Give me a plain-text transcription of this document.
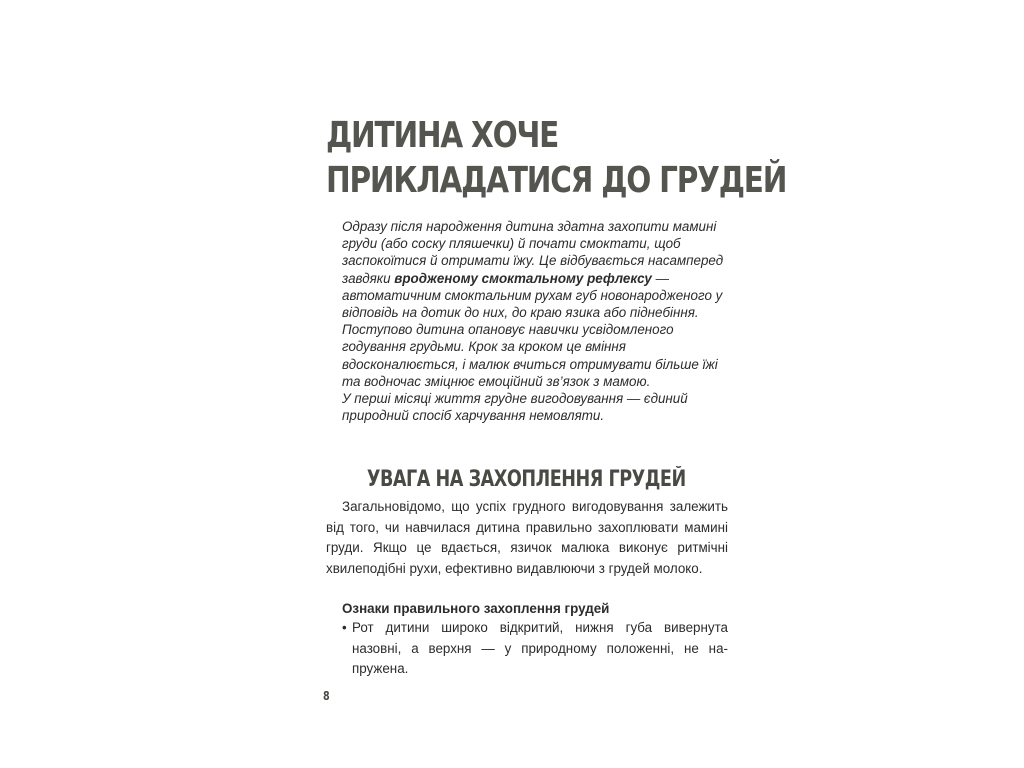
ДИТИНА ХОЧЕ
ПРИКЛАДАТИСЯ ДО ГРУДЕЙ

Одразу після народження дитина здатна захопити маминi груди (або соску пляшечки) й почати смоктати, щоб заспокоїтися й отримати їжу. Це відбувається насамперед завдяки вродженому смоктальному рефлексу — автоматичним смоктальним рухам губ новонародженого у відповідь на дотик до них, до краю язика або піднебіння.

Поступово дитина опановує навички усвідомленого годування грудьми. Крок за кроком це вміння вдосконалюється, і малюк вчиться отримувати більше їжі та водночас зміцнює емоційний зв’язок з мамою.

У перші місяці життя грудне вигодовування — єдиний природний спосіб харчування немовляти.

УВАГА НА ЗАХОПЛЕННЯ ГРУДЕЙ

Загальновідомо, що успіх грудного вигодовування залежить від того, чи навчилася дитина правильно захоплювати мамині груди. Якщо це вдається, язичок малюка виконує ритмічні хвилеподібні рухи, ефективно видавлюючи з грудей молоко.

Ознаки правильного захоплення грудей

• Рот дитини широко відкритий, нижня губа вивернута назовні, а верхня — у природному положенні, не напружена.

8
